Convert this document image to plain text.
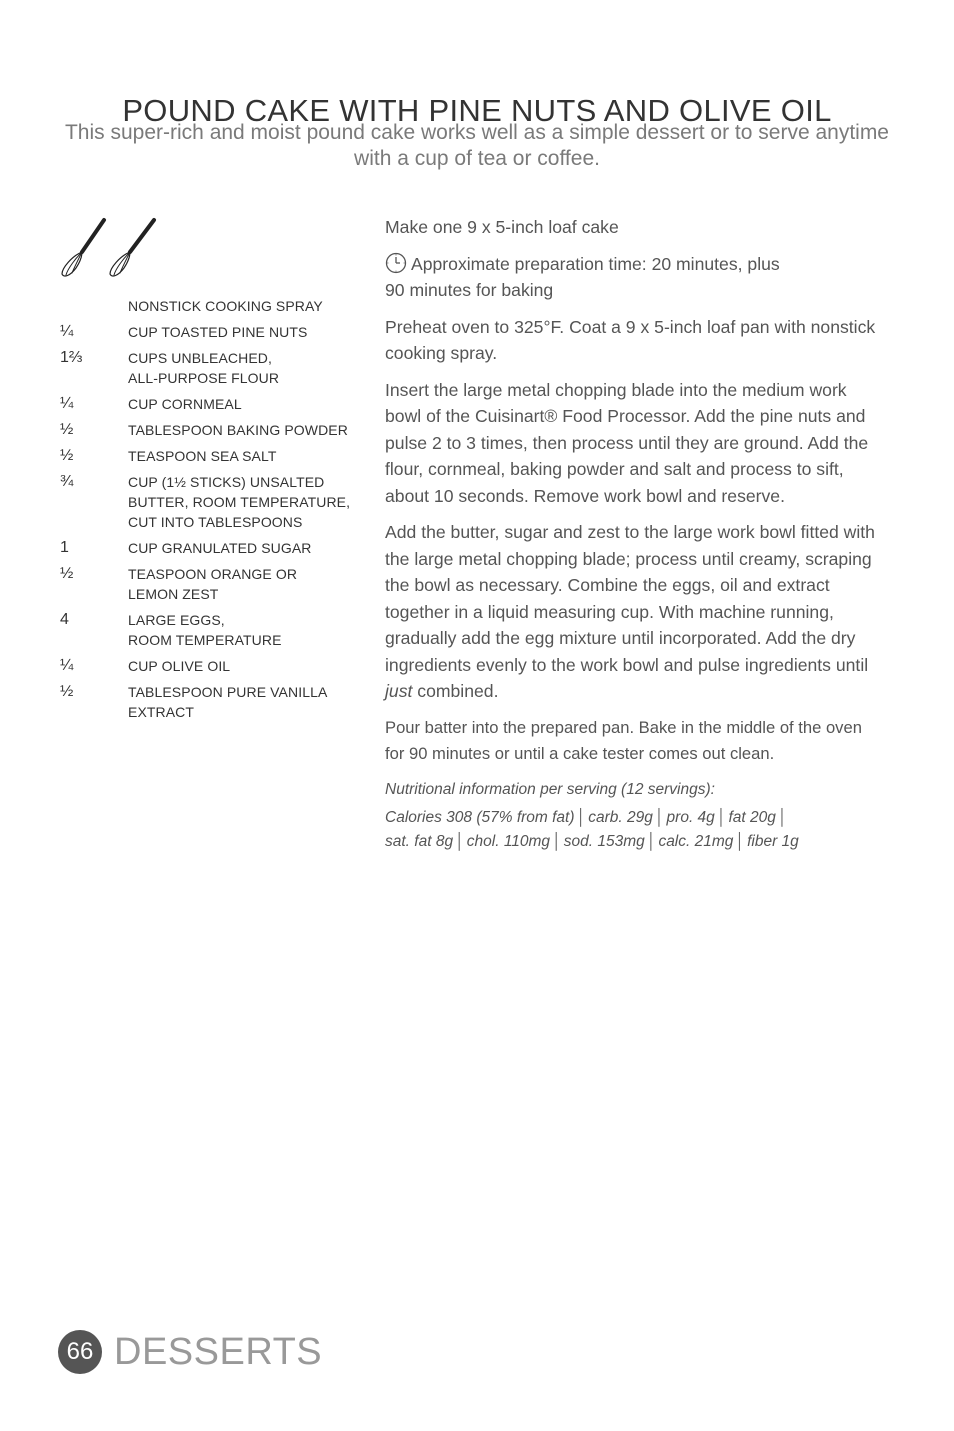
POUND CAKE WITH PINE NUTS AND OLIVE OIL
This super-rich and moist pound cake works well as a simple dessert or to serve anytime with a cup of tea or coffee.
NONSTICK COOKING SPRAY
¼	CUP TOASTED PINE NUTS
1⅔	CUPS UNBLEACHED,
ALL-PURPOSE FLOUR
¼	CUP CORNMEAL
½	TABLESPOON BAKING POWDER
½	TEASPOON SEA SALT
¾	CUP (1½ STICKS) UNSALTED
BUTTER, ROOM TEMPERATURE,
CUT INTO TABLESPOONS
1	CUP GRANULATED SUGAR
½	TEASPOON ORANGE OR
LEMON ZEST
4	LARGE EGGS,
ROOM TEMPERATURE
¼	CUP OLIVE OIL
½	TABLESPOON PURE VANILLA
EXTRACT

Make one 9 x 5-inch loaf cake

Approximate preparation time: 20 minutes, plus
90 minutes for baking

Preheat oven to 325°F. Coat a 9 x 5-inch loaf pan with nonstick cooking spray.

Insert the large metal chopping blade into the medium work bowl of the Cuisinart® Food Processor. Add the pine nuts and pulse 2 to 3 times, then process until they are ground. Add the flour, cornmeal, baking powder and salt and process to sift, about 10 seconds. Remove work bowl and reserve.

Add the butter, sugar and zest to the large work bowl fitted with the large metal chopping blade; process until creamy, scraping the bowl as necessary. Combine the eggs, oil and extract together in a liquid measuring cup. With machine running, gradually add the egg mixture until incorporated. Add the dry ingredients evenly to the work bowl and pulse ingredients until just combined.

Pour batter into the prepared pan. Bake in the middle of the oven for 90 minutes or until a cake tester comes out clean.

Nutritional information per serving (12 servings):
Calories 308 (57% from fat) │ carb. 29g │ pro. 4g │ fat 20g │
sat. fat 8g │ chol. 110mg │ sod. 153mg │ calc. 21mg │ fiber 1g
66 DESSERTS
